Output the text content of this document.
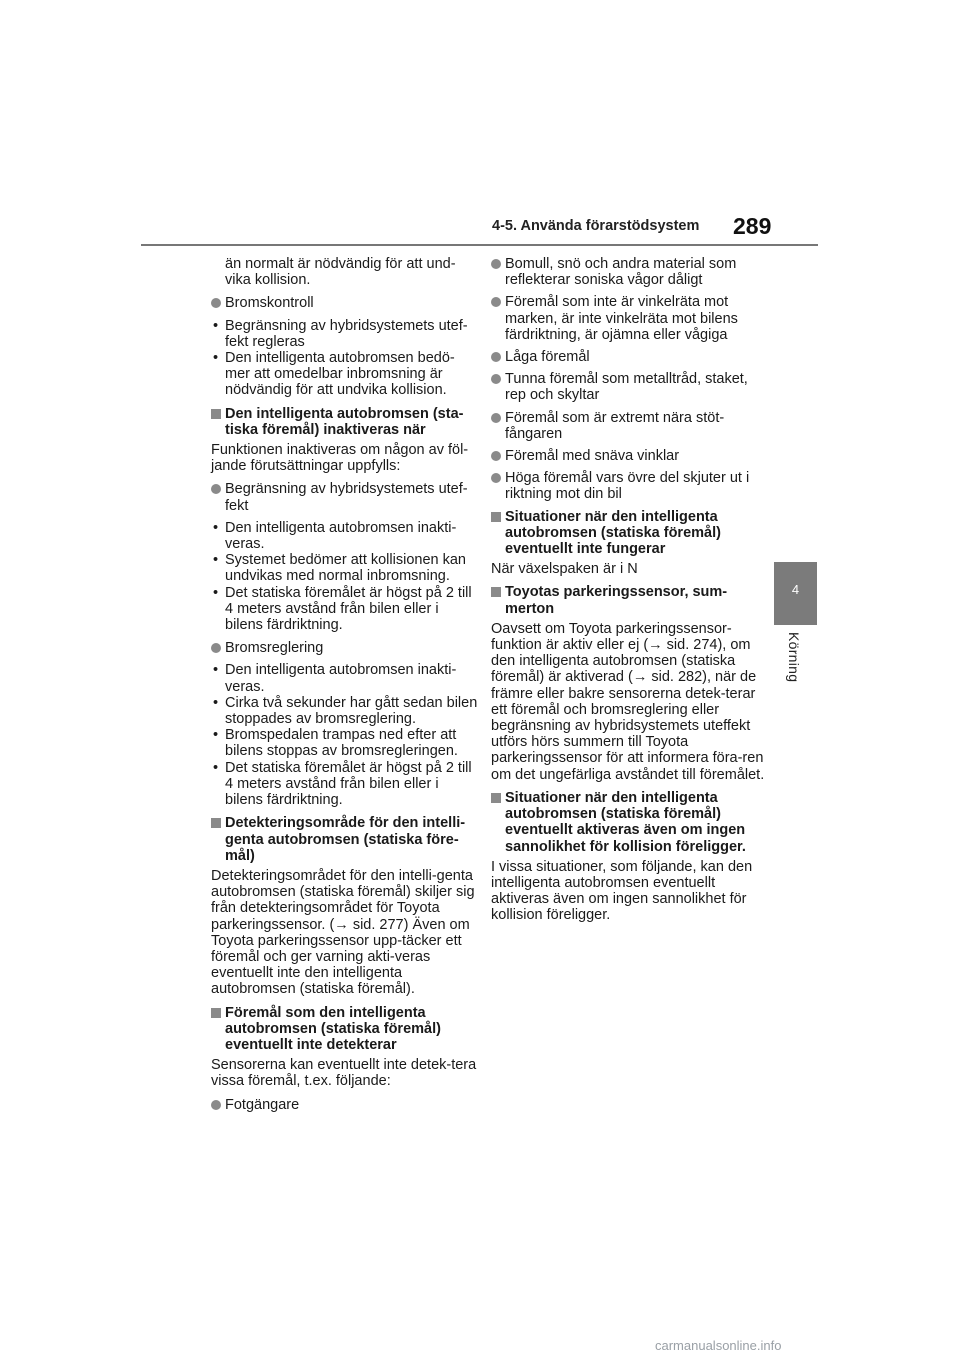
4-5. Använda förarstödsystem 289
4
Körning
än normalt är nödvändig för att und-vika kollision.
Bromskontroll
• Begränsning av hybridsystemets utef-fekt regleras
• Den intelligenta autobromsen bedö-mer att omedelbar inbromsning är nödvändig för att undvika kollision.
Den intelligenta autobromsen (sta-tiska föremål) inaktiveras när
Funktionen inaktiveras om någon av föl-jande förutsättningar uppfylls:
Begränsning av hybridsystemets utef-fekt
• Den intelligenta autobromsen inakti-veras.
• Systemet bedömer att kollisionen kan undvikas med normal inbromsning.
• Det statiska föremålet är högst på 2 till 4 meters avstånd från bilen eller i bilens färdriktning.
Bromsreglering
• Den intelligenta autobromsen inakti-veras.
• Cirka två sekunder har gått sedan bilen stoppades av bromsreglering.
• Bromspedalen trampas ned efter att bilens stoppas av bromsregleringen.
• Det statiska föremålet är högst på 2 till 4 meters avstånd från bilen eller i bilens färdriktning.
Detekteringsområde för den intelli-genta autobromsen (statiska före-mål)
Detekteringsområdet för den intelli-genta autobromsen (statiska föremål) skiljer sig från detekteringsområdet för Toyota parkeringssensor. (→ sid. 277) Även om Toyota parkeringssensor upp-täcker ett föremål och ger varning akti-veras eventuellt inte den intelligenta autobromsen (statiska föremål).
Föremål som den intelligenta autobromsen (statiska föremål) eventuellt inte detekterar
Sensorerna kan eventuellt inte detek-tera vissa föremål, t.ex. följande:
Fotgängare
Bomull, snö och andra material som reflekterar soniska vågor dåligt
Föremål som inte är vinkelräta mot marken, är inte vinkelräta mot bilens färdriktning, är ojämna eller vågiga
Låga föremål
Tunna föremål som metalltråd, staket, rep och skyltar
Föremål som är extremt nära stöt-fångaren
Föremål med snäva vinklar
Höga föremål vars övre del skjuter ut i riktning mot din bil
Situationer när den intelligenta autobromsen (statiska föremål) eventuellt inte fungerar
När växelspaken är i N
Toyotas parkeringssensor, sum-merton
Oavsett om Toyota parkeringssensor-funktion är aktiv eller ej (→ sid. 274), om den intelligenta autobromsen (statiska föremål) är aktiverad (→ sid. 282), när de främre eller bakre sensorerna detek-terar ett föremål och bromsreglering eller begränsning av hybridsystemets uteffekt utförs hörs summern till Toyota parkeringssensor för att informera föra-ren om det ungefärliga avståndet till föremålet.
Situationer när den intelligenta autobromsen (statiska föremål) eventuellt aktiveras även om ingen sannolikhet för kollision föreligger.
I vissa situationer, som följande, kan den intelligenta autobromsen eventuellt aktiveras även om ingen sannolikhet för kollision föreligger.
carmanualsonline.info
